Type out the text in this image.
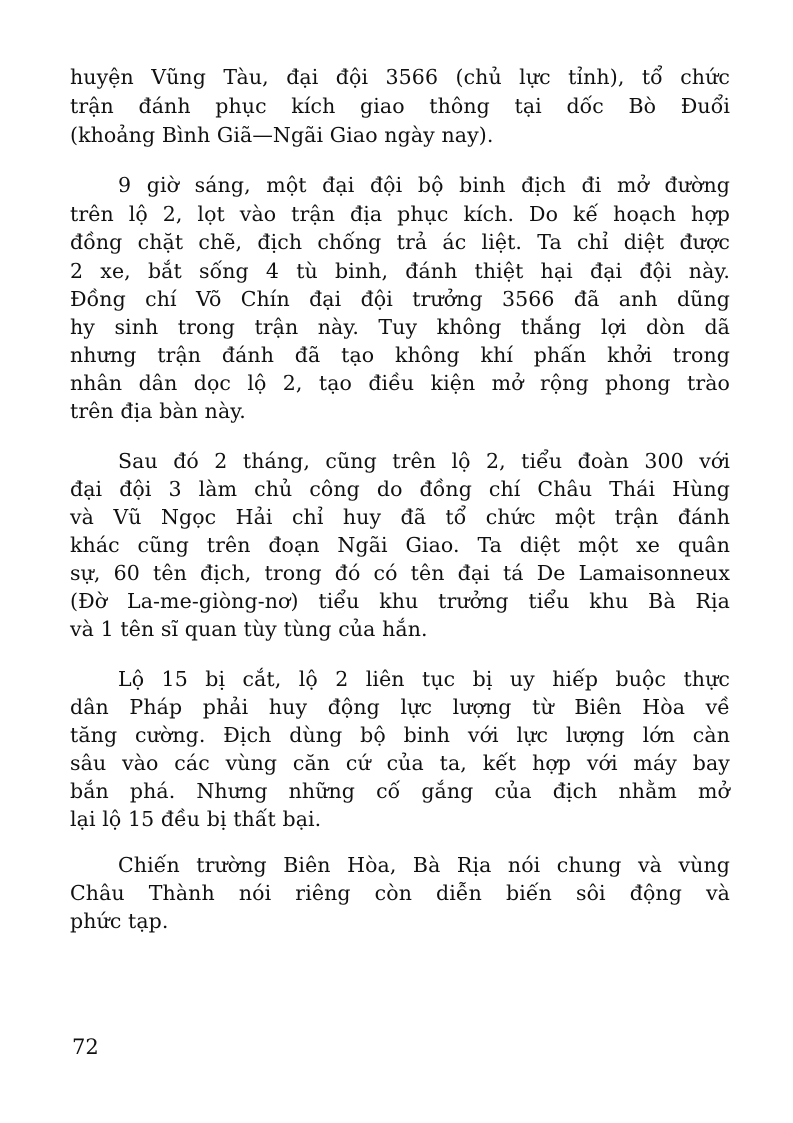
huyện Vũng Tàu, đại đội 3566 (chủ lực tỉnh), tổ chức
trận đánh phục kích giao thông tại dốc Bò Đuổi
(khoảng Bình Giã—Ngãi Giao ngày nay).
9 giờ sáng, một đại đội bộ binh địch đi mở đường
trên lộ 2, lọt vào trận địa phục kích. Do kế hoạch hợp
đồng chặt chẽ, địch chống trả ác liệt. Ta chỉ diệt được
2 xe, bắt sống 4 tù binh, đánh thiệt hại đại đội này.
Đồng chí Võ Chín đại đội trưởng 3566 đã anh dũng
hy sinh trong trận này. Tuy không thắng lợi dòn dã
nhưng trận đánh đã tạo không khí phấn khởi trong
nhân dân dọc lộ 2, tạo điều kiện mở rộng phong trào
trên địa bàn này.
Sau đó 2 tháng, cũng trên lộ 2, tiểu đoàn 300 với
đại đội 3 làm chủ công do đồng chí Châu Thái Hùng
và Vũ Ngọc Hải chỉ huy đã tổ chức một trận đánh
khác cũng trên đoạn Ngãi Giao. Ta diệt một xe quân
sự, 60 tên địch, trong đó có tên đại tá De Lamaisonneux
(Đờ La-me-giòng-nơ) tiểu khu trưởng tiểu khu Bà Rịa
và 1 tên sĩ quan tùy tùng của hắn.
Lộ 15 bị cắt, lộ 2 liên tục bị uy hiếp buộc thực
dân Pháp phải huy động lực lượng từ Biên Hòa về
tăng cường. Địch dùng bộ binh với lực lượng lớn càn
sâu vào các vùng căn cứ của ta, kết hợp với máy bay
bắn phá. Nhưng những cố gắng của địch nhằm mở
lại lộ 15 đều bị thất bại.
Chiến trường Biên Hòa, Bà Rịa nói chung và vùng
Châu Thành nói riêng còn diễn biến sôi động và
phức tạp.
72
